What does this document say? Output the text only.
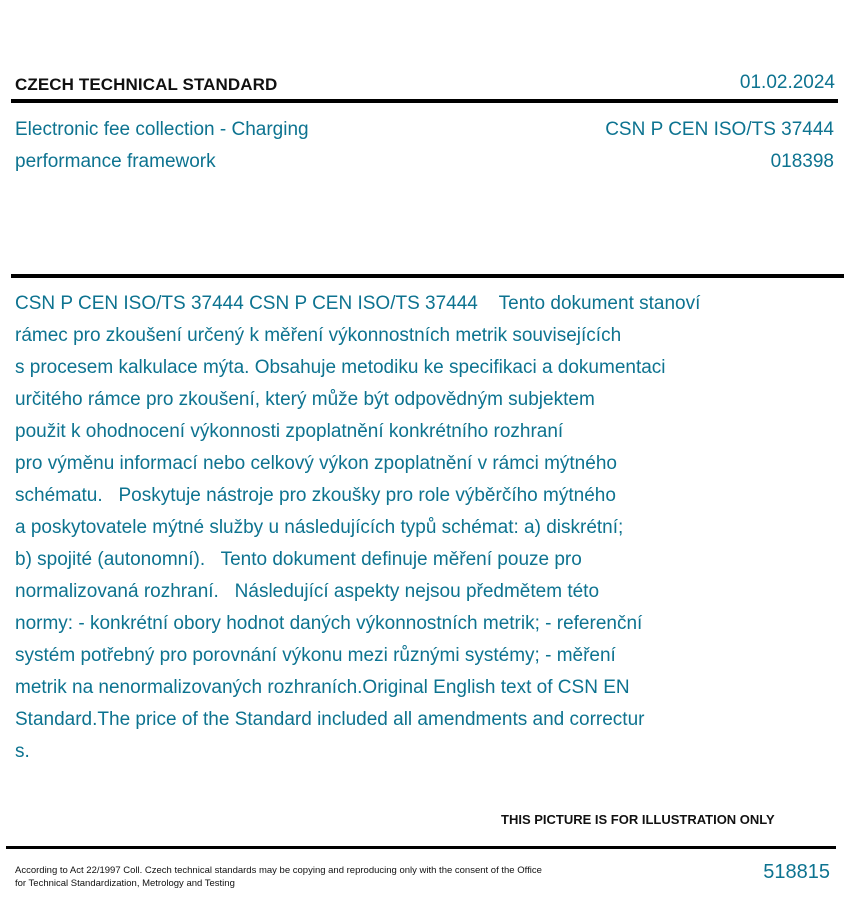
CZECH TECHNICAL STANDARD	01.02.2024
Electronic fee collection - Charging
performance framework
CSN P CEN ISO/TS 37444
018398
CSN P CEN ISO/TS 37444 CSN P CEN ISO/TS 37444    Tento dokument stanoví
rámec pro zkoušení určený k měření výkonnostních metrik souvisejících
s procesem kalkulace mýta. Obsahuje metodiku ke specifikaci a dokumentaci
určitého rámce pro zkoušení, který může být odpovědným subjektem
použit k ohodnocení výkonnosti zpoplatnění konkrétního rozhraní
pro výměnu informací nebo celkový výkon zpoplatnění v rámci mýtného
schématu.   Poskytuje nástroje pro zkoušky pro role výběrčího mýtného
a poskytovatele mýtné služby u následujících typů schémat: a) diskrétní;
b) spojité (autonomní).   Tento dokument definuje měření pouze pro
normalizovaná rozhraní.   Následující aspekty nejsou předmětem této
normy: - konkrétní obory hodnot daných výkonnostních metrik; - referenční
systém potřebný pro porovnání výkonu mezi různými systémy; - měření
metrik na nenormalizovaných rozhraních.Original English text of CSN EN
Standard.The price of the Standard included all amendments and correctur
s.
THIS PICTURE IS FOR ILLUSTRATION ONLY
According to Act 22/1997 Coll. Czech technical standards may be copying and reproducing only with the consent of the Office
for Technical Standardization, Metrology and Testing
518815
